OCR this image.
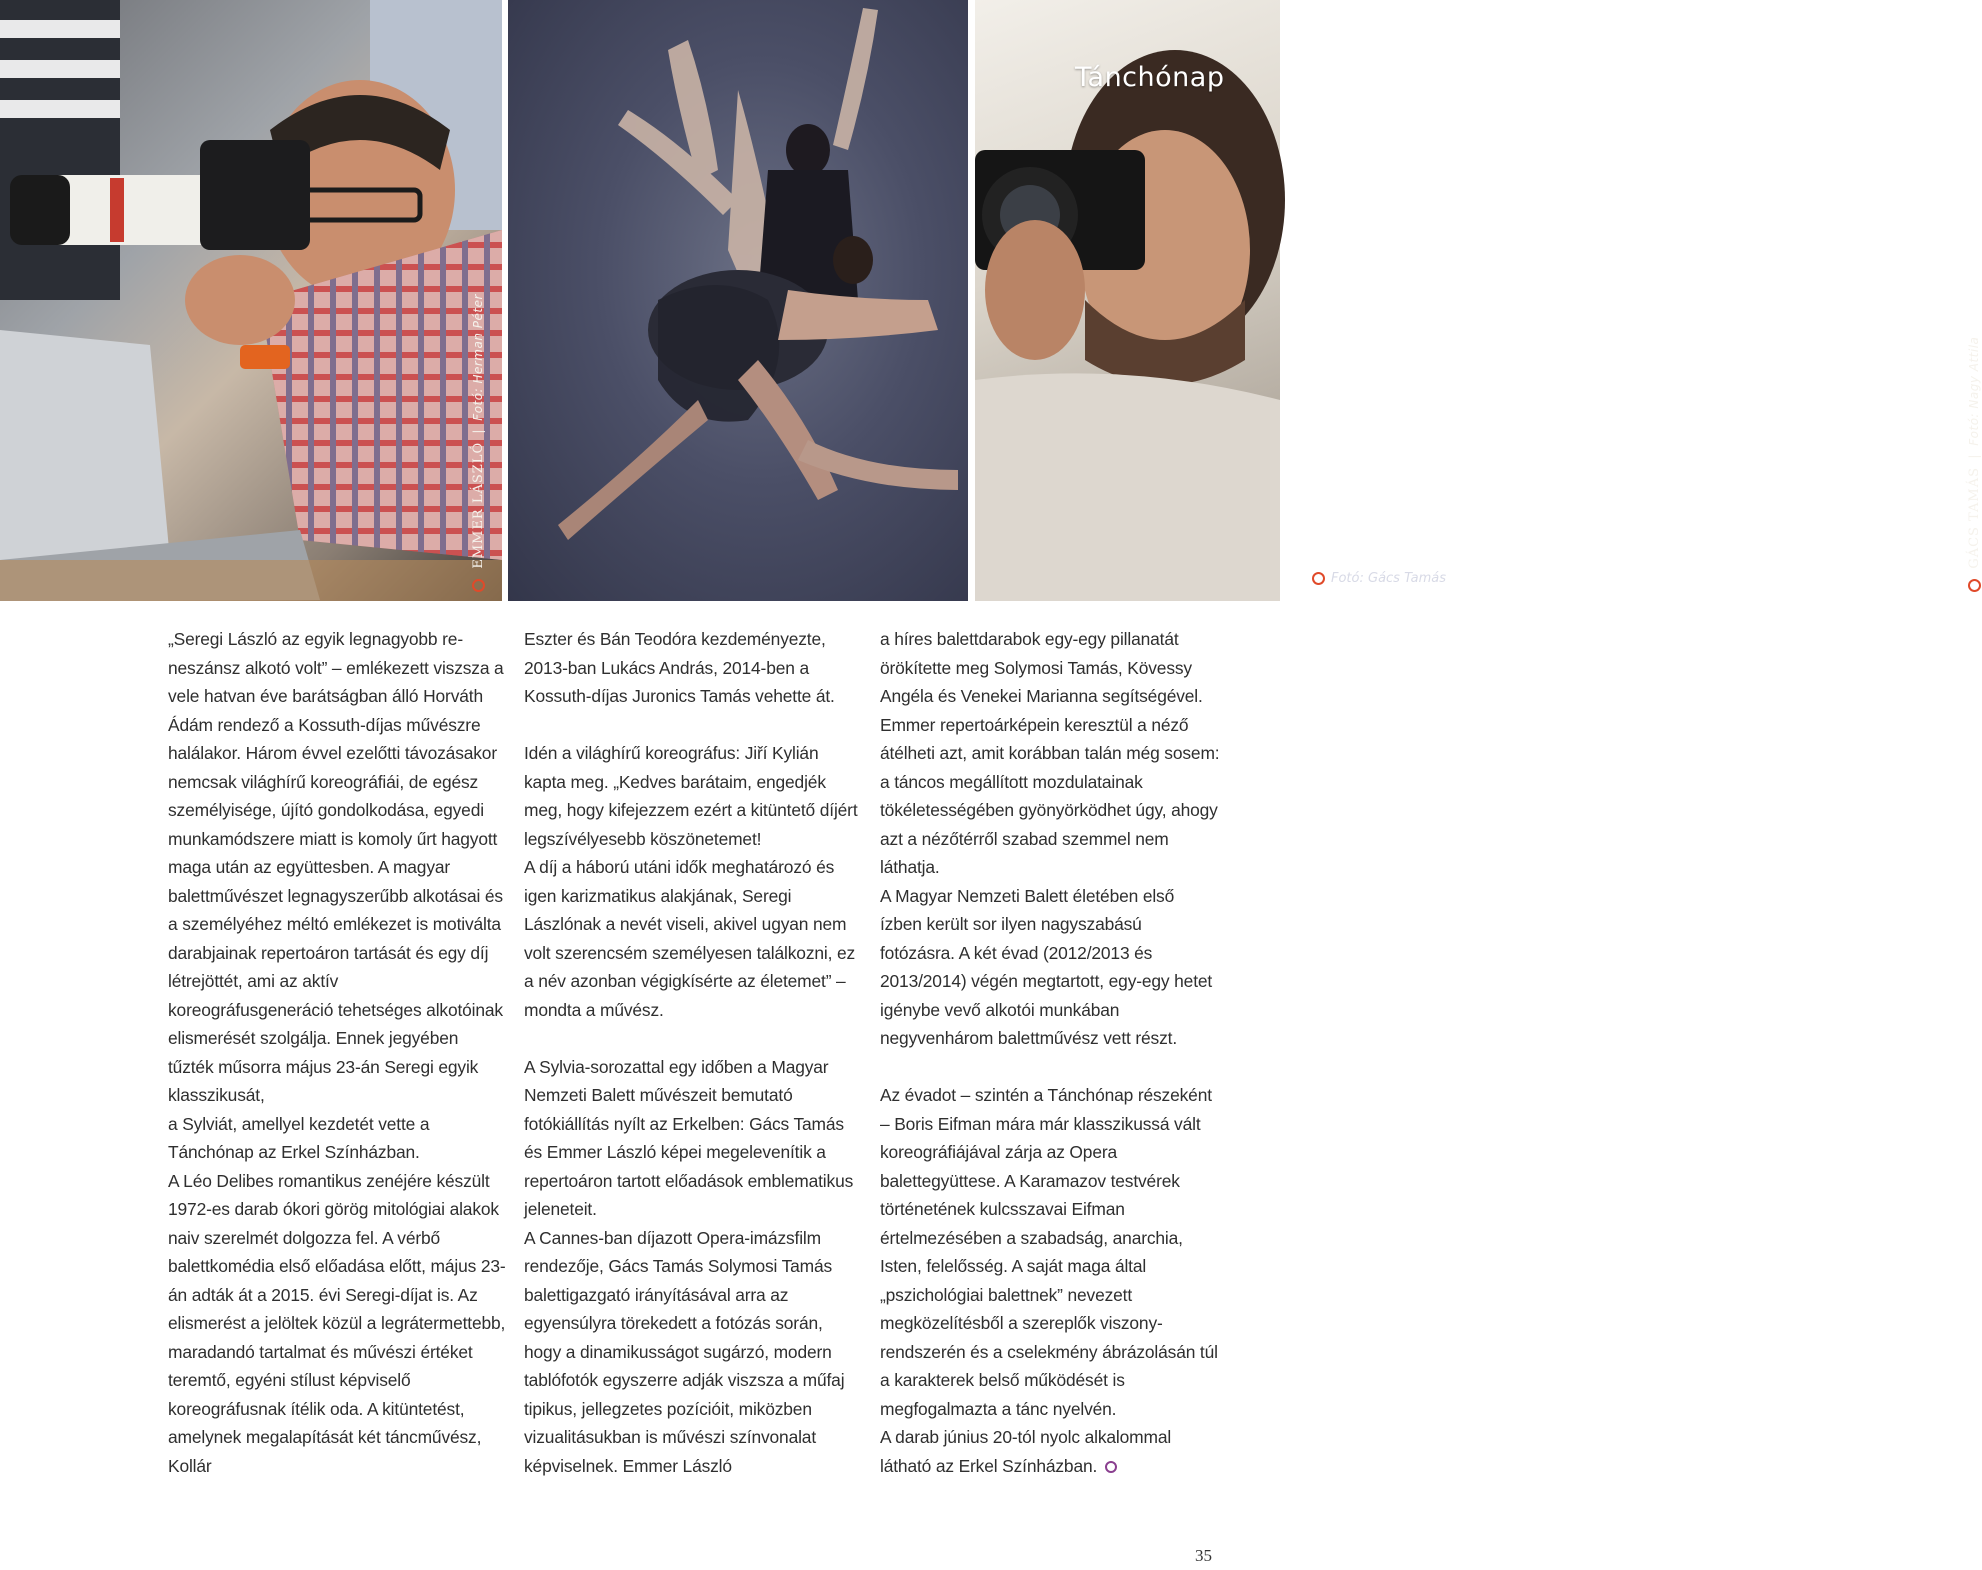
EMMER LÁSZLÓ | Fotó: Herman Péter
Fotó: Gács Tamás
GÁCS TAMÁS | Fotó: Nagy Attila
Tánchónap

„Seregi László az egyik legnagyobb reneszánsz alkotó volt” – emlékezett viszsza a vele hatvan éve barátságban álló Horváth Ádám rendező a Kossuth-díjas művészre halálakor. Három évvel ezelőtti távozásakor nemcsak világhírű koreográfiái, de egész személyisége, újító gondolkodása, egyedi munkamódszere miatt is komoly űrt hagyott maga után az együttesben. A magyar balettművészet legnagyszerűbb alkotásai és a személyéhez méltó emlékezet is motiválta darabjainak repertoáron tartását és egy díj létrejöttét, ami az aktív koreográfusgeneráció tehetséges alkotóinak elismerését szolgálja. Ennek jegyében tűzték műsorra május 23-án Seregi egyik klasszikusát,

a Sylviát, amellyel kezdetét vette a Tánchónap az Erkel Színházban.

A Léo Delibes romantikus zenéjére készült 1972-es darab ókori görög mitológiai alakok naiv szerelmét dolgozza fel. A vérbő balettkomédia első előadása előtt, május 23-án adták át a 2015. évi Seregi-díjat is. Az elismerést a jelöltek közül a legrátermettebb, maradandó tartalmat és művészi értéket teremtő, egyéni stílust képviselő koreográfusnak ítélik oda. A kitüntetést, amelynek megalapítását két táncművész, Kollár

Eszter és Bán Teodóra kezdeményezte, 2013-ban Lukács András, 2014-ben a Kossuth-díjas Juronics Tamás vehette át.

Idén a világhírű koreográfus: Jiří Kylián kapta meg. „Kedves barátaim, engedjék meg, hogy kifejezzem ezért a kitüntető díjért legszívélyesebb köszönetemet!

A díj a háború utáni idők meghatározó és igen karizmatikus alakjának, Seregi Lászlónak a nevét viseli, akivel ugyan nem volt szerencsém személyesen találkozni, ez a név azonban végigkísérte az életemet” – mondta a művész.

A Sylvia-sorozattal egy időben a Magyar Nemzeti Balett művészeit bemutató fotókiállítás nyílt az Erkelben: Gács Tamás és Emmer László képei megelevenítik a repertoáron tartott előadások emblematikus jeleneteit.

A Cannes-ban díjazott Opera-imázsfilm rendezője, Gács Tamás Solymosi Tamás balettigazgató irányításával arra az egyensúlyra törekedett a fotózás során, hogy a dinamikusságot sugárzó, modern tablófotók egyszerre adják viszsza a műfaj tipikus, jellegzetes pozícióit, miközben vizualitásukban is művészi színvonalat képviselnek. Emmer László

a híres balettdarabok egy-egy pillanatát örökítette meg Solymosi Tamás, Kövessy Angéla és Venekei Marianna segítségével. Emmer repertoárképein keresztül a néző átélheti azt, amit korábban talán még sosem: a táncos megállított mozdulatainak tökéletességében gyönyörködhet úgy, ahogy azt a nézőtérről szabad szemmel nem láthatja.

A Magyar Nemzeti Balett életében első ízben került sor ilyen nagyszabású fotózásra. A két évad (2012/2013 és 2013/2014) végén megtartott, egy-egy hetet igénybe vevő alkotói munkában negyvenhárom balettművész vett részt.

Az évadot – szintén a Tánchónap részeként – Boris Eifman mára már klasszikussá vált koreográfiájával zárja az Opera balettegyüttese. A Karamazov testvérek történetének kulcsszavai Eifman értelmezésében a szabadság, anarchia, Isten, felelősség. A saját maga által „pszichológiai balettnek” nevezett megközelítésből a szereplők viszonyrendszerén és a cselekmény ábrázolásán túl a karakterek belső működését is megfogalmazta a tánc nyelvén.

A darab június 20-tól nyolc alkalommal látható az Erkel Színházban.

35
